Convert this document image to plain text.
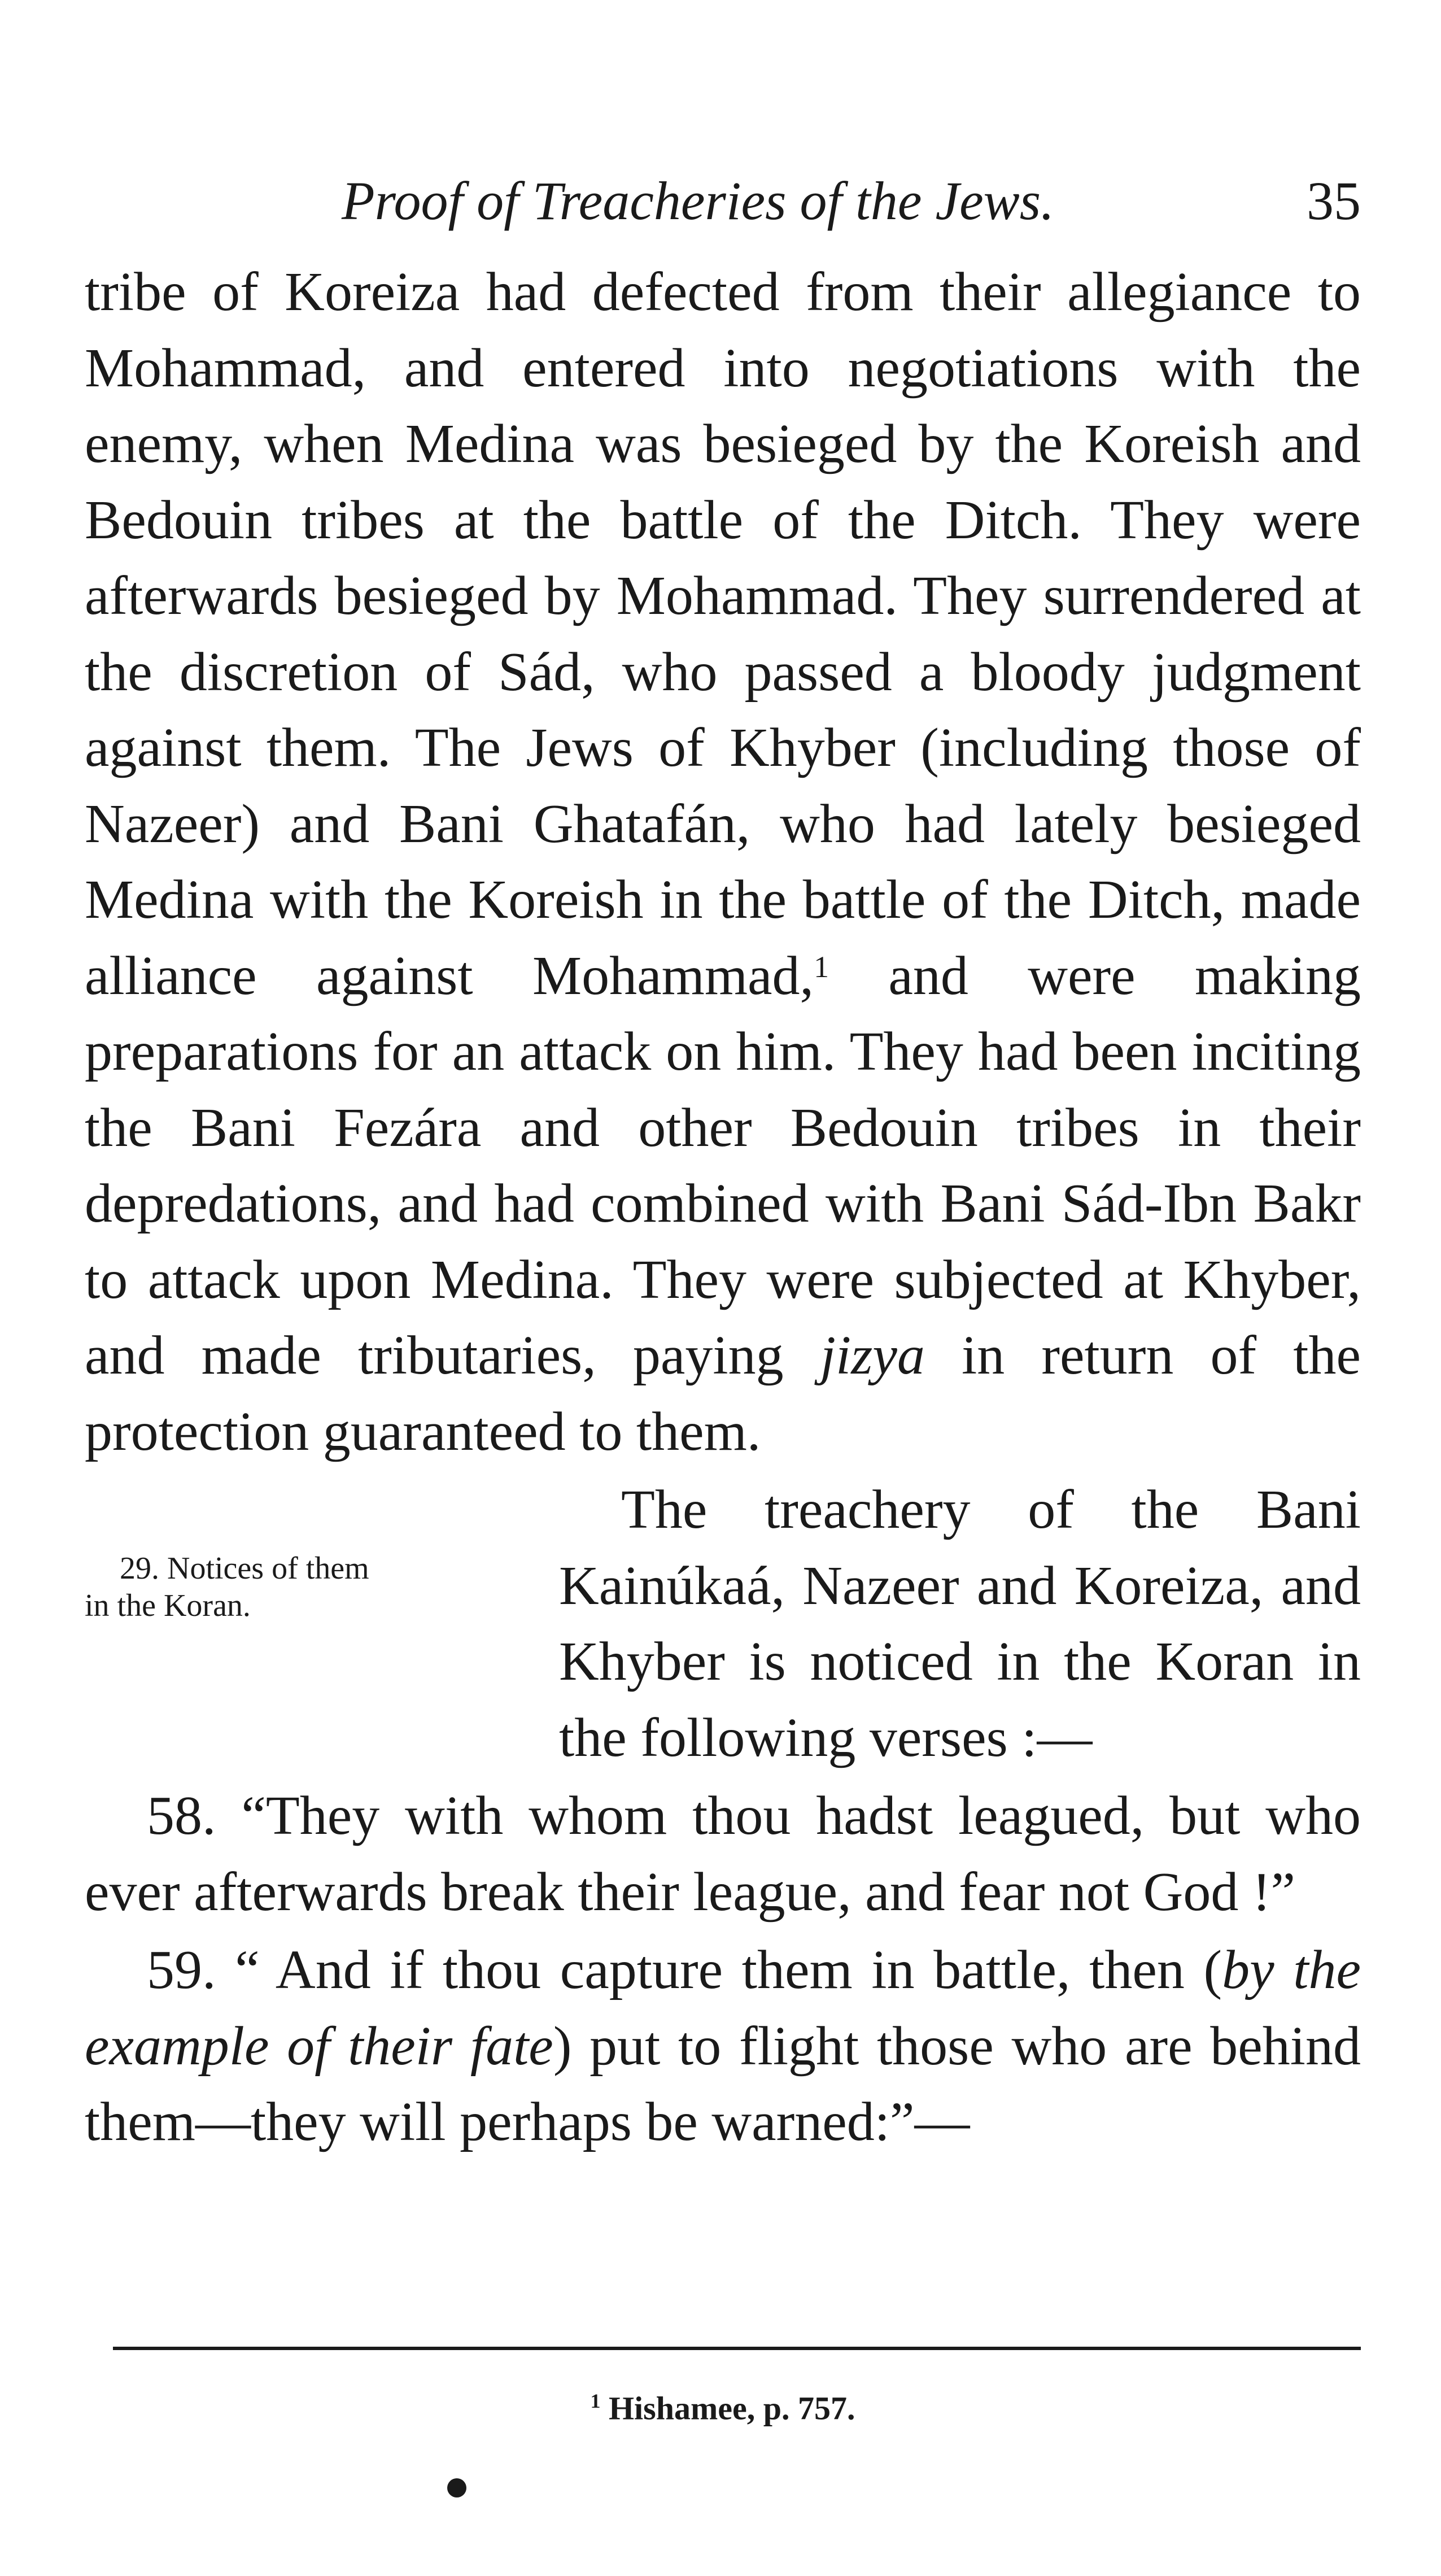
Proof of Treacheries of the Jews.	35

tribe of Koreiza had defected from their allegiance to Mohammad, and entered into negotiations with the enemy, when Medina was besieged by the Koreish and Bedouin tribes at the battle of the Ditch. They were afterwards besieged by Mohammad. They surrendered at the discretion of Sád, who passed a bloody judgment against them. The Jews of Khyber (including those of Nazeer) and Bani Ghatafán, who had lately besieged Medina with the Koreish in the battle of the Ditch, made alliance against Mohammad,$^1$ and were making preparations for an attack on him. They had been inciting the Bani Fezára and other Bedouin tribes in their depredations, and had combined with Bani Sád-Ibn Bakr to attack upon Medina. They were subjected at Khyber, and made tributaries, paying jizya in return of the protection guaranteed to them.

29. Notices of them
in the Koran.

The treachery of the Bani Kainúkaá, Nazeer and Koreiza, and Khyber is noticed in the Koran in the following verses :—

58. “They with whom thou hadst leagued, but who ever afterwards break their league, and fear not God !”

59. “ And if thou capture them in battle, then (by the example of their fate) put to flight those who are behind them—they will perhaps be warned:”—

$^1$ Hishamee, p. 757.
